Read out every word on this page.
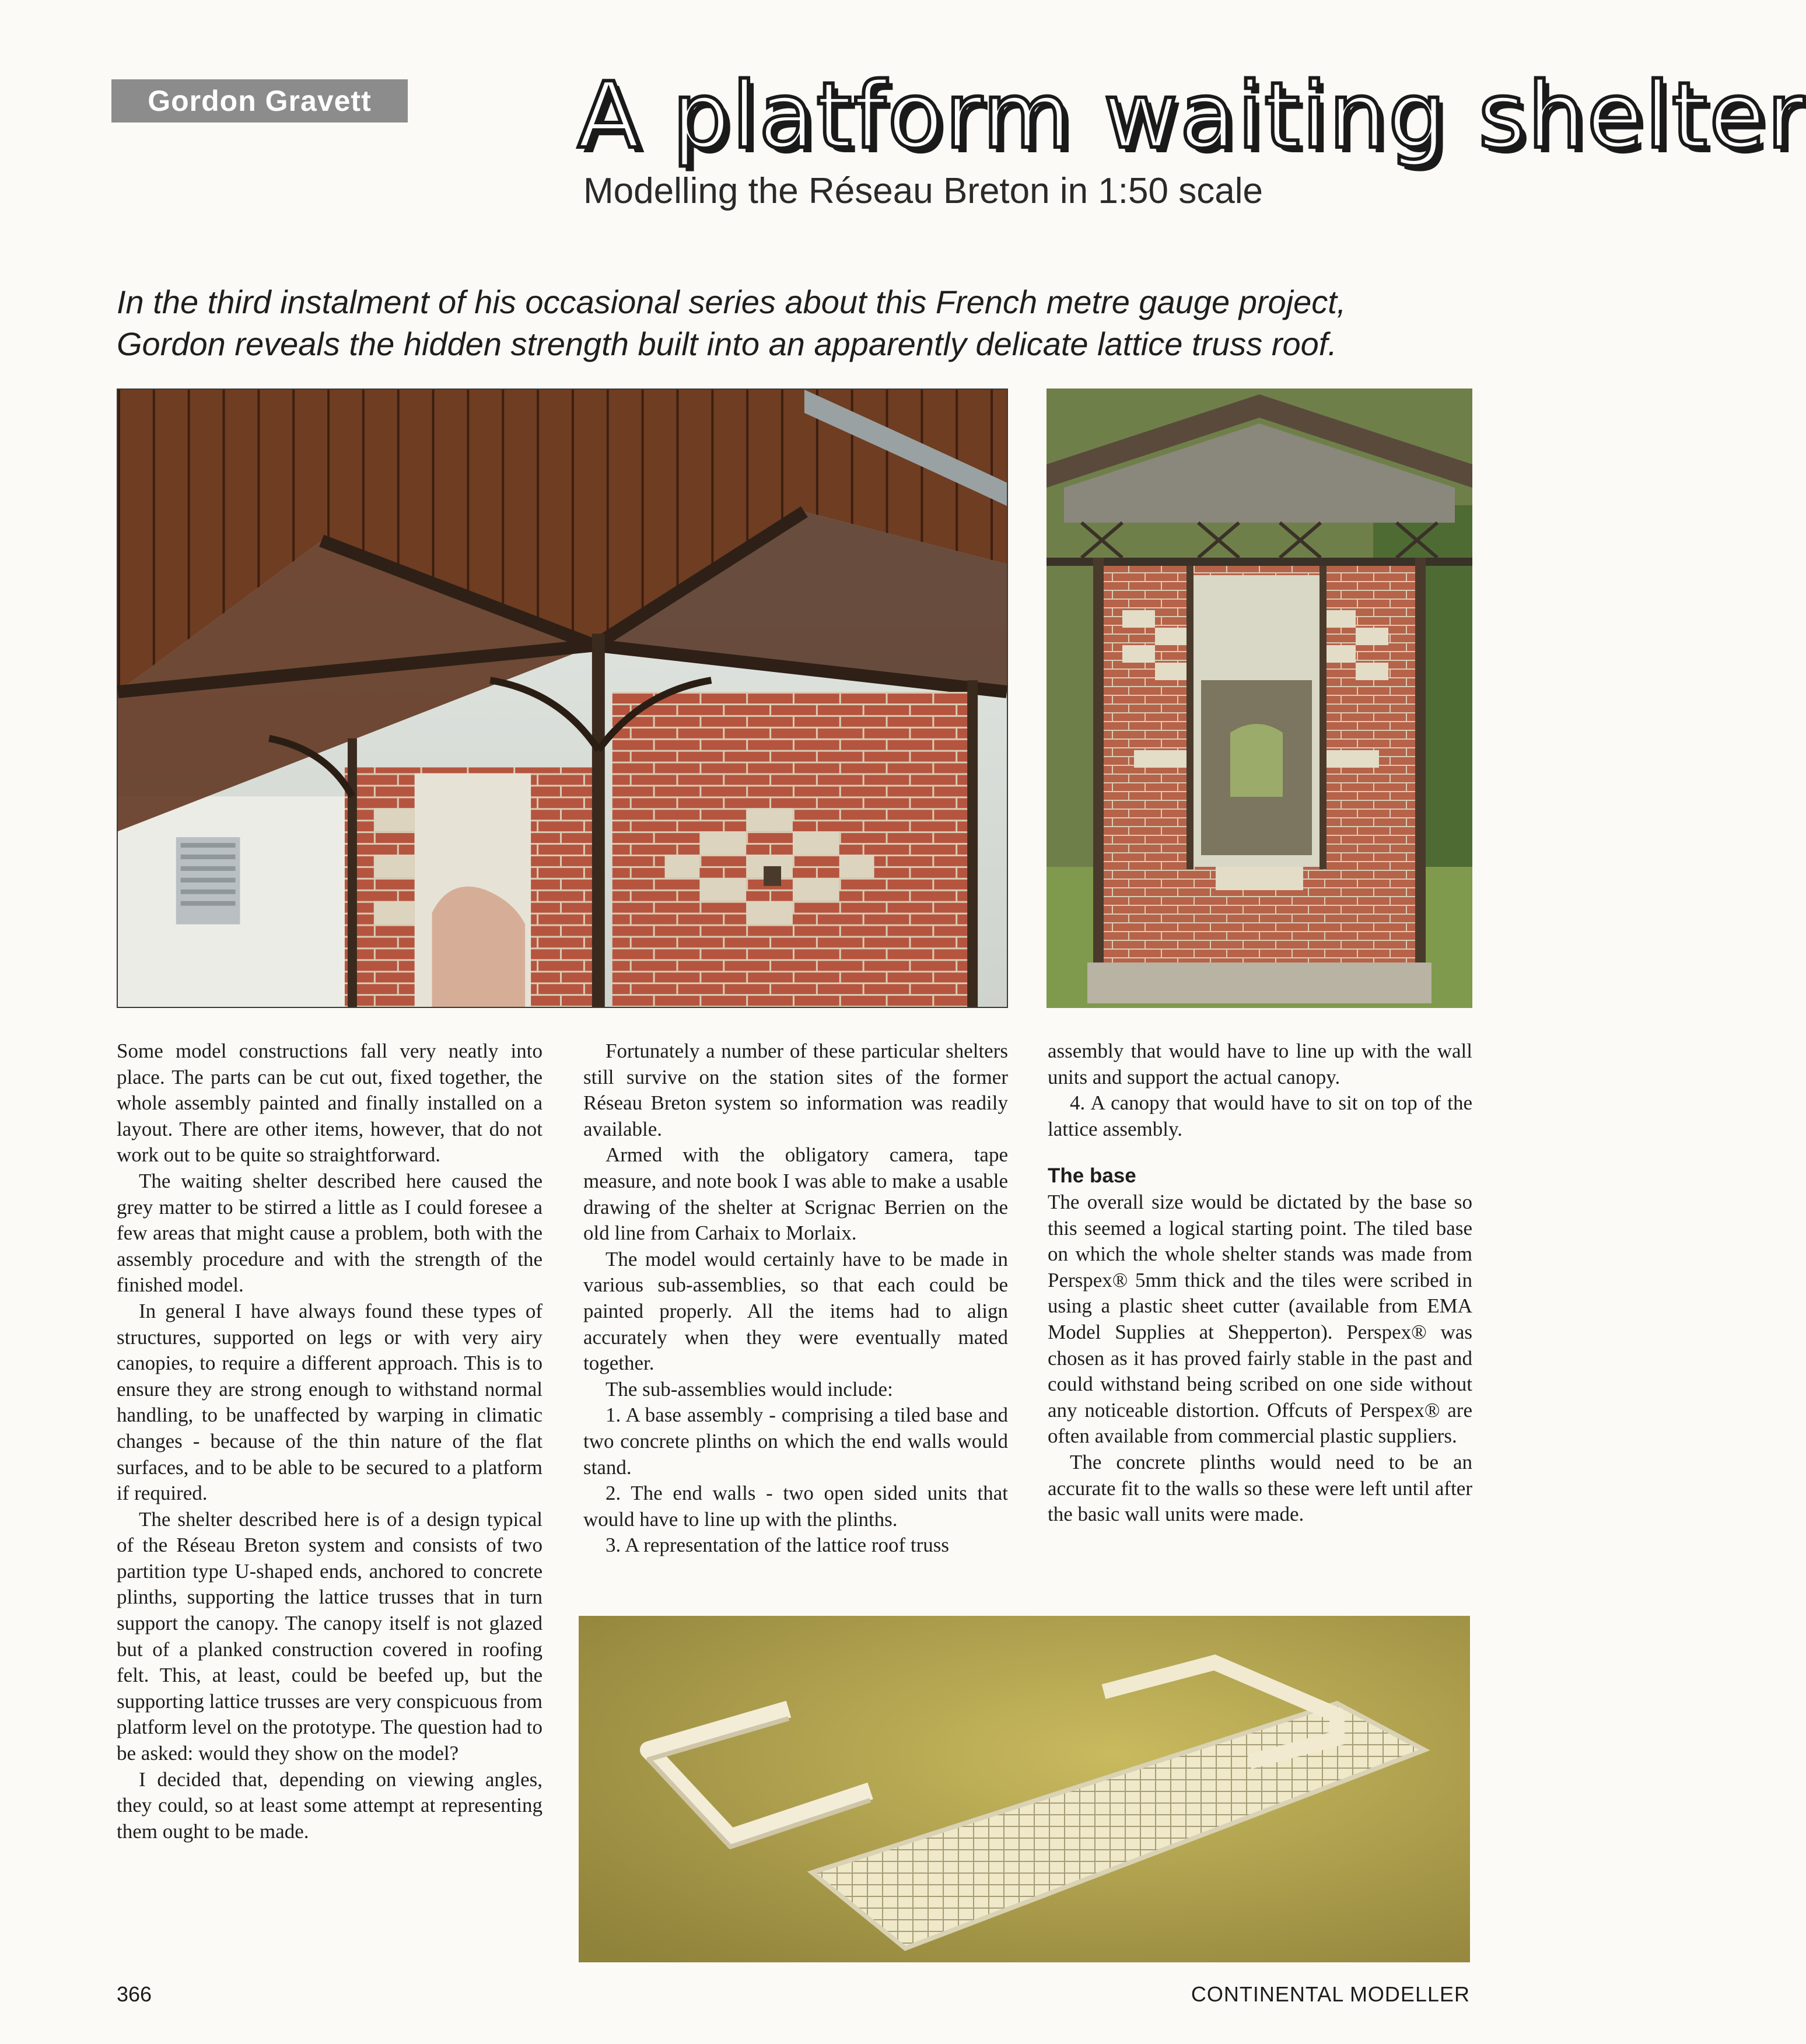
Gordon Gravett	A platform waiting shelter
Modelling the Réseau Breton in 1:50 scale

In the third instalment of his occasional series about this French metre gauge project,

Gordon reveals the hidden strength built into an apparently delicate lattice truss roof.

Some model constructions fall very neatly into place. The parts can be cut out, fixed together, the whole assembly painted and finally installed on a layout. There are other items, however, that do not work out to be quite so straightforward.

The waiting shelter described here caused the grey matter to be stirred a little as I could foresee a few areas that might cause a problem, both with the assembly procedure and with the strength of the finished model.

In general I have always found these types of structures, supported on legs or with very airy canopies, to require a different approach. This is to ensure they are strong enough to withstand normal handling, to be unaffected by warping in climatic changes - because of the thin nature of the flat surfaces, and to be able to be secured to a platform if required.

The shelter described here is of a design typical of the Réseau Breton system and consists of two partition type U-shaped ends, anchored to concrete plinths, supporting the lattice trusses that in turn support the canopy. The canopy itself is not glazed but of a planked construction covered in roofing felt. This, at least, could be beefed up, but the supporting lattice trusses are very conspicuous from platform level on the prototype. The question had to be asked: would they show on the model?

I decided that, depending on viewing angles, they could, so at least some attempt at representing them ought to be made.

Fortunately a number of these particular shelters still survive on the station sites of the former Réseau Breton system so information was readily available.

Armed with the obligatory camera, tape measure, and note book I was able to make a usable drawing of the shelter at Scrignac Berrien on the old line from Carhaix to Morlaix.

The model would certainly have to be made in various sub-assemblies, so that each could be painted properly. All the items had to align accurately when they were eventually mated together.

The sub-assemblies would include:

1. A base assembly - comprising a tiled base and two concrete plinths on which the end walls would stand.

2. The end walls - two open sided units that would have to line up with the plinths.

3. A representation of the lattice roof truss

assembly that would have to line up with the wall units and support the actual canopy.

4. A canopy that would have to sit on top of the lattice assembly.

The base

The overall size would be dictated by the base so this seemed a logical starting point. The tiled base on which the whole shelter stands was made from Perspex® 5mm thick and the tiles were scribed in using a plastic sheet cutter (available from EMA Model Supplies at Shepperton). Perspex® was chosen as it has proved fairly stable in the past and could withstand being scribed on one side without any noticeable distortion. Offcuts of Perspex® are often available from commercial plastic suppliers.

The concrete plinths would need to be an accurate fit to the walls so these were left until after the basic wall units were made.

366	CONTINENTAL MODELLER
